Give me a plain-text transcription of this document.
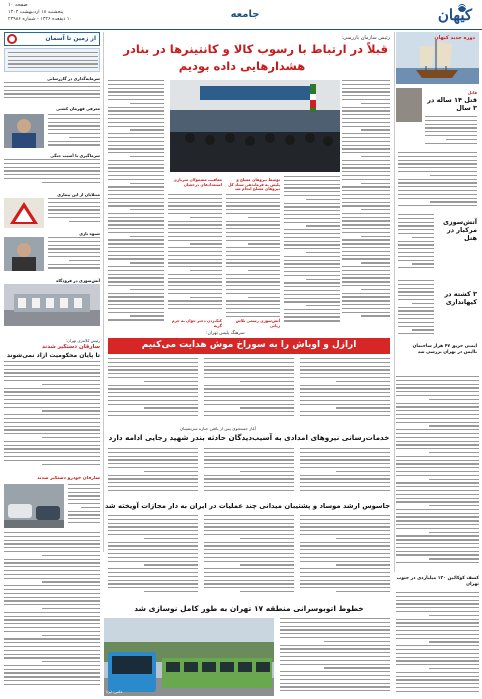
صفحه ۱۰
پنجشنبه ۱۸ اردیبهشت ۱۴۰۴
۱۰ ذیقعده ۱۴۴۶ - شماره ۲۳۹۸۶	جامعه	کیهان
دوره جدید کیهان
قاتل
قتل ۱۴ ساله در ۳ سال
آتش‌سوزی مرکبار در هتل
۳ کشته در کیهانداری
ایمنی حریق ۴۷ هزار ساختمان ناایمن در تهران بررسی شد
رئیس سازمان بازرسی:
قبلاً در ارتباط با رسوب کالا و کانتینرها در بنادر
هشدارهایی داده بودیم
توسط نیروهای مسلح و پلیس به فرماندهی ستاد کل نیروهای مسلح انجام شد
آتش‌سوزی رسمی تلاش زبانی
معافیت مشمولان سربازی استعدادهای درخشان
کتک‌زدن دختر جوان به جرم گریه
از زمین تا آسمان
سرمایه‌گذاری در گازرسانی
معرفی قهرمان کشتی
سرما‌گیری با آسیب جنگی
مبتلایان از این بیماری
شیوه بازی
آتش‌سوزی در فرودگاه
سرهنگ پلیس تهران:
ارازل و اوباش را به سوراخ موش هدایت می‌کنیم
آغاز جستجوی پس از یافتن جنازه سرنشینان
خدمات‌رسانی نیروهای امدادی به آسیب‌دیدگان حادثه بندر شهید رجایی ادامه دارد
جاسوس ارشد موساد و پشتیبان میدانی چند عملیات در ایران به دار مجازات آویخته شد
خطوط اتوبوسرانی منطقه ۱۷ تهران به طور کامل نوسازی شد
عکس: ایرنا
رئیس کلانتری تهران:
سارقان دستگیر شدند
تا پایان محکومیت آزاد نمی‌شوند
سارقان خودرو دستگیر شدند
کشف کوکائین ۱۲۰ میلیاردی در جنوب تهران
